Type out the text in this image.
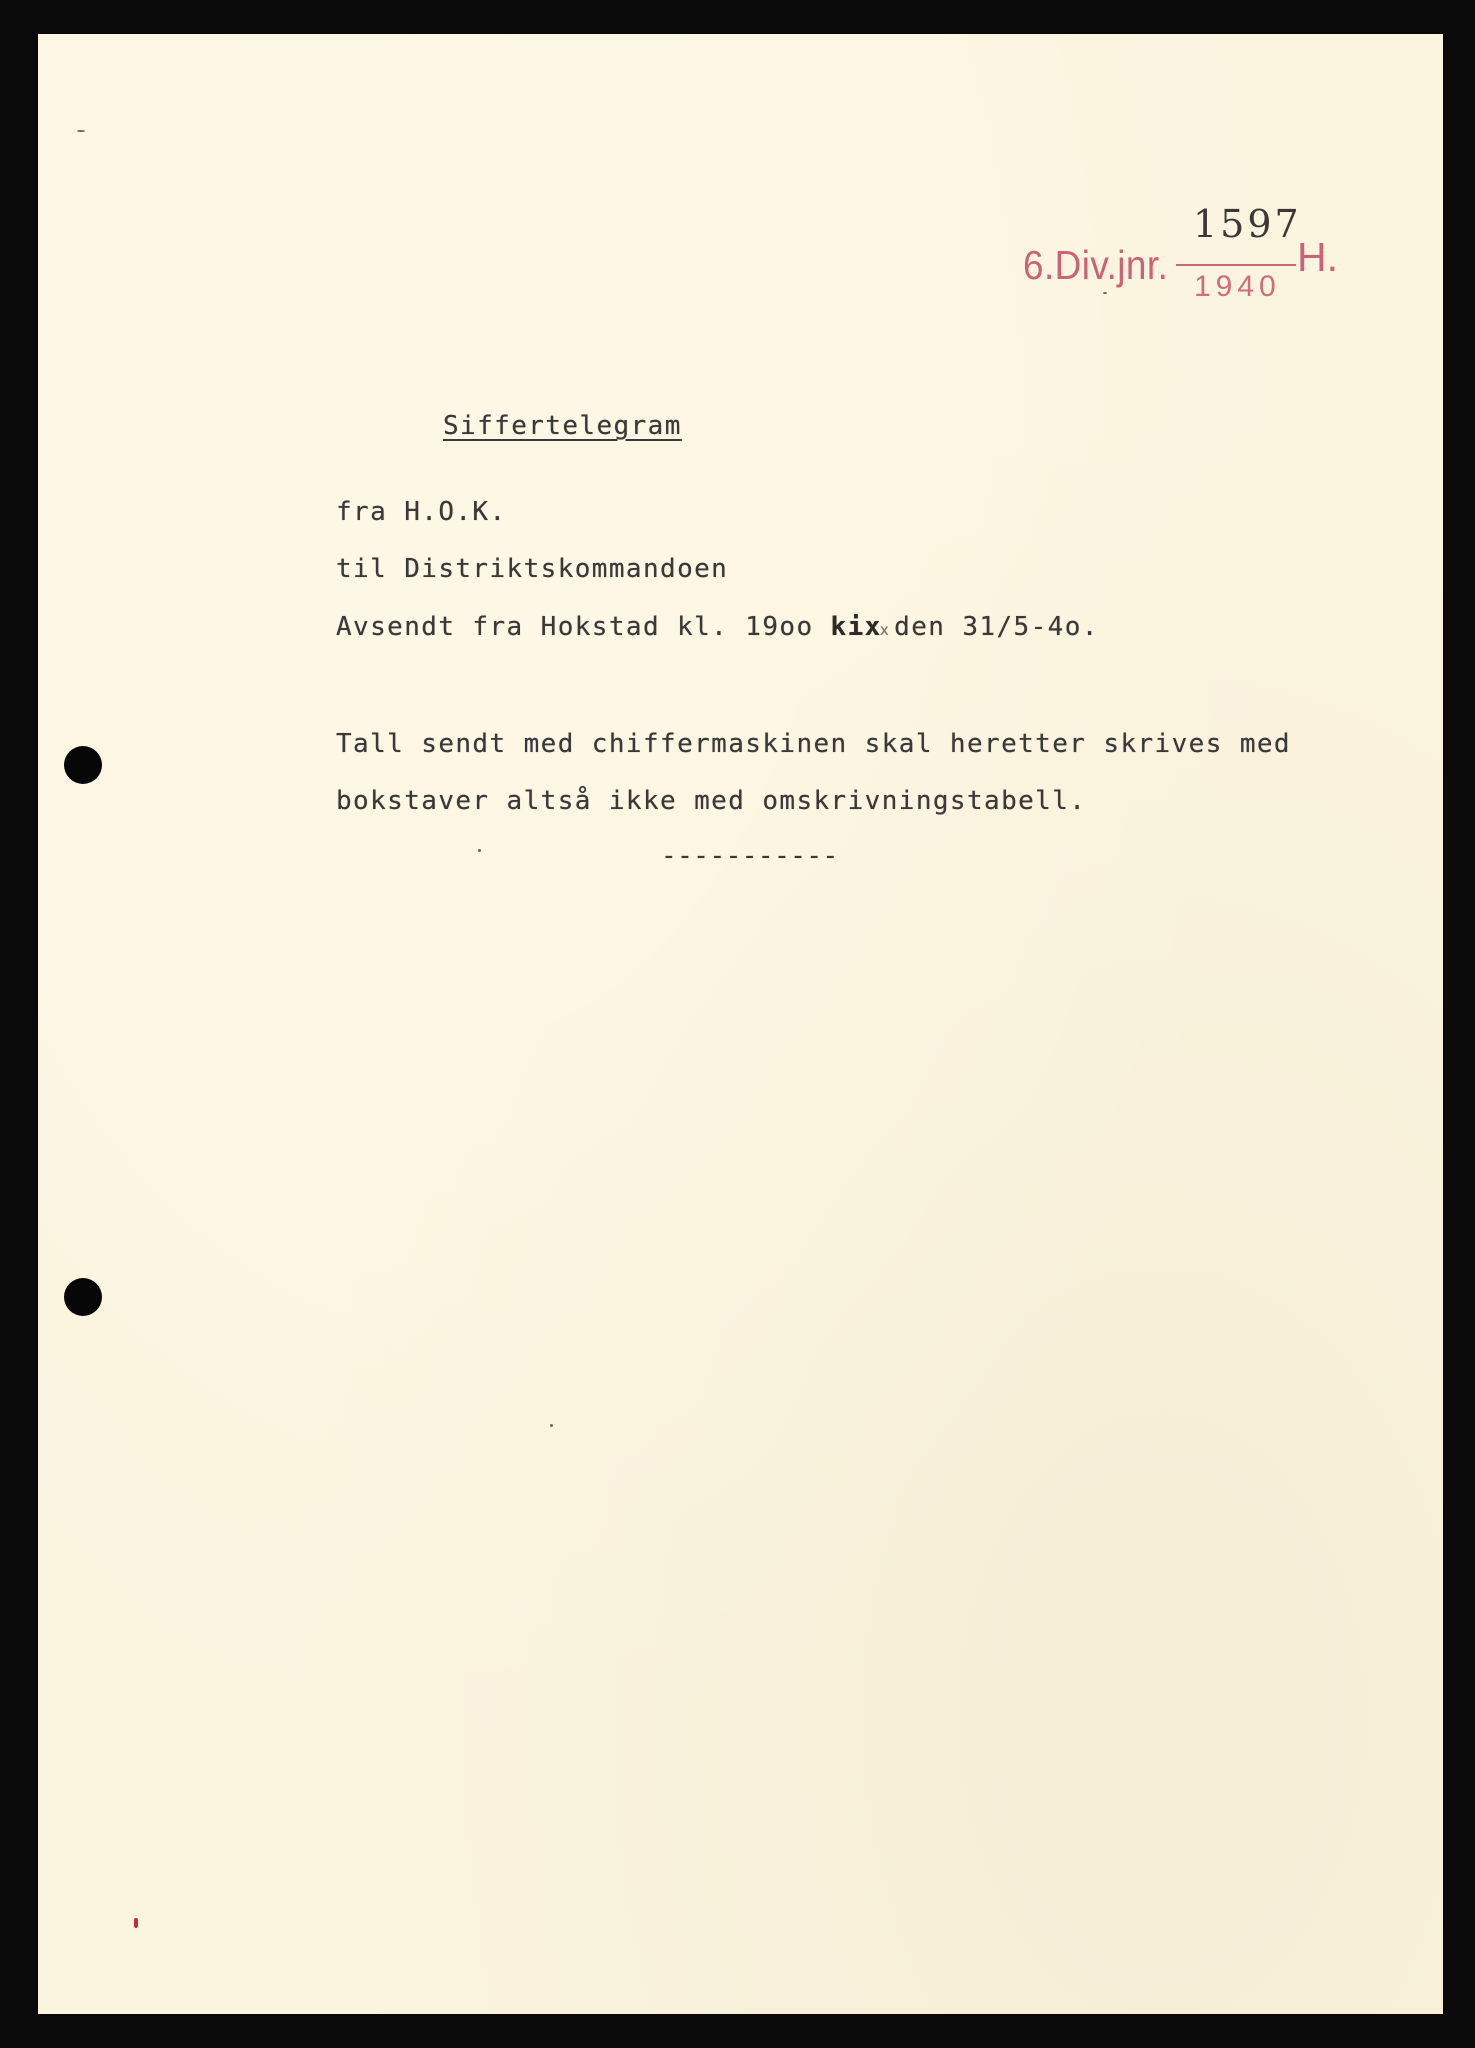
1597
6.Div.jnr.	H.
1940
Siffertelegram
fra H.O.K.
til Distriktskommandoen
Avsendt fra Hokstad kl. 19oo kixx den 31/5-4o.
Tall sendt med chiffermaskinen skal heretter skrives med
bokstaver altså ikke med omskrivningstabell.
-----------
